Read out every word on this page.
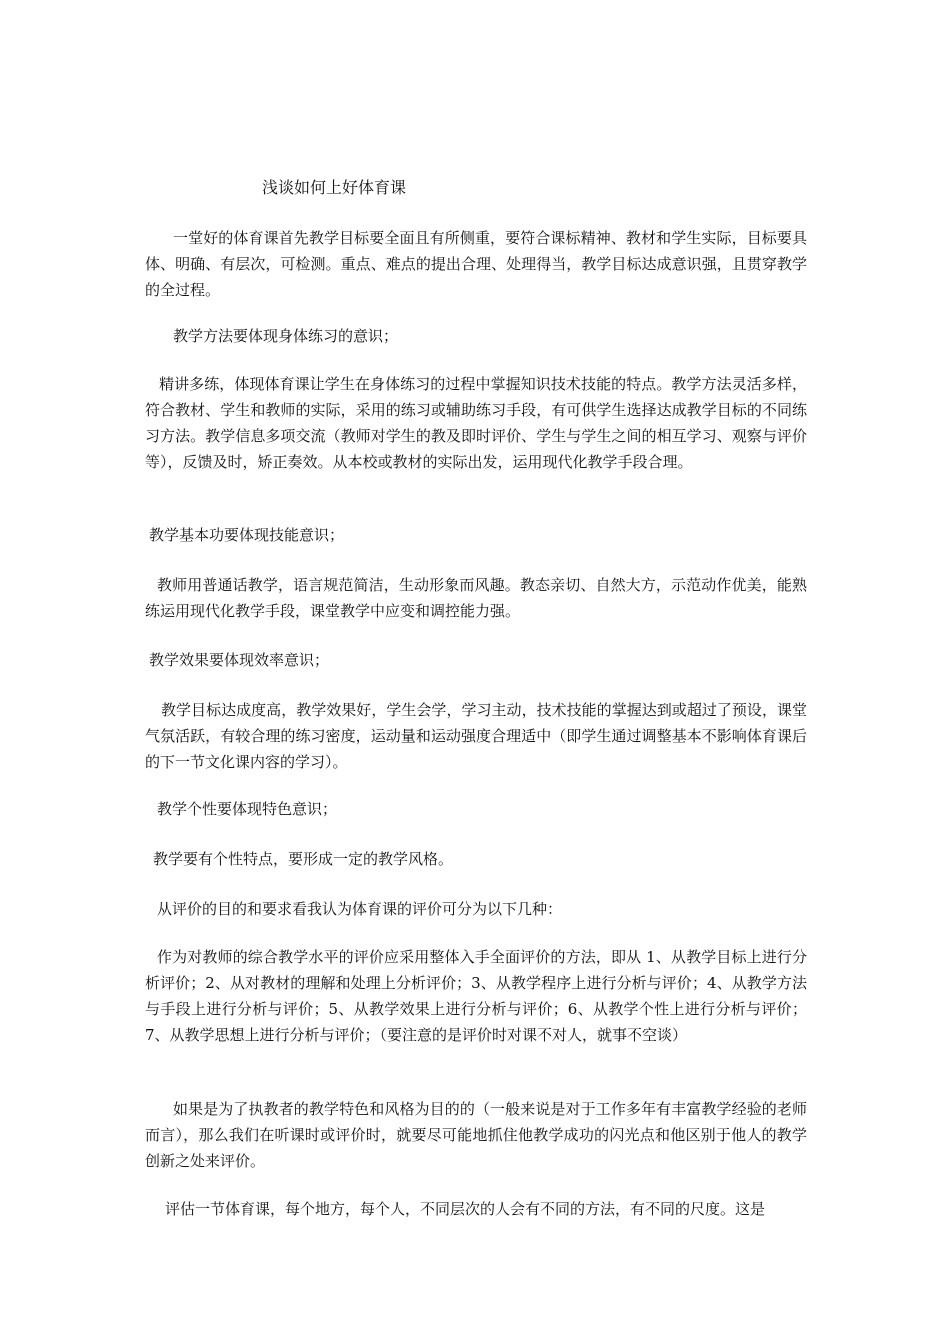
浅谈如何上好体育课

一堂好的体育课首先教学目标要全面且有所侧重，要符合课标精神、教材和学生实际，目标要具体、明确、有层次，可检测。重点、难点的提出合理、处理得当，教学目标达成意识强，且贯穿教学的全过程。

教学方法要体现身体练习的意识；

精讲多练，体现体育课让学生在身体练习的过程中掌握知识技术技能的特点。教学方法灵活多样，符合教材、学生和教师的实际，采用的练习或辅助练习手段，有可供学生选择达成教学目标的不同练习方法。教学信息多项交流（教师对学生的教及即时评价、学生与学生之间的相互学习、观察与评价等），反馈及时，矫正奏效。从本校或教材的实际出发，运用现代化教学手段合理。

教学基本功要体现技能意识；

教师用普通话教学，语言规范简洁，生动形象而风趣。教态亲切、自然大方，示范动作优美，能熟练运用现代化教学手段，课堂教学中应变和调控能力强。

教学效果要体现效率意识；

教学目标达成度高，教学效果好，学生会学，学习主动，技术技能的掌握达到或超过了预设，课堂气氛活跃，有较合理的练习密度，运动量和运动强度合理适中（即学生通过调整基本不影响体育课后的下一节文化课内容的学习）。

教学个性要体现特色意识；

教学要有个性特点，要形成一定的教学风格。

从评价的目的和要求看我认为体育课的评价可分为以下几种：

作为对教师的综合教学水平的评价应采用整体入手全面评价的方法，即从 1、从教学目标上进行分析评价；2、从对教材的理解和处理上分析评价；3、从教学程序上进行分析与评价；4、从教学方法与手段上进行分析与评价；5、从教学效果上进行分析与评价；6、从教学个性上进行分析与评价；7、从教学思想上进行分析与评价；（要注意的是评价时对课不对人，就事不空谈）

如果是为了执教者的教学特色和风格为目的的（一般来说是对于工作多年有丰富教学经验的老师而言），那么我们在听课时或评价时，就要尽可能地抓住他教学成功的闪光点和他区别于他人的教学创新之处来评价。

评估一节体育课，每个地方，每个人，不同层次的人会有不同的方法，有不同的尺度。这是
